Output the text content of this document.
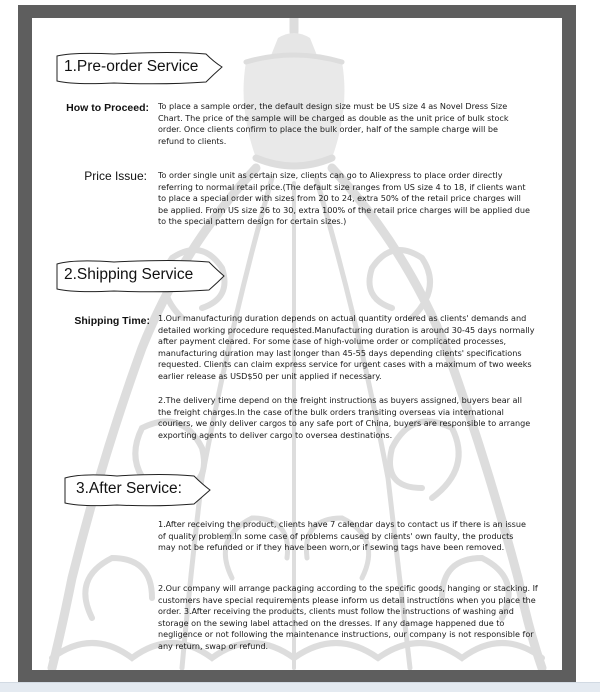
1.Pre-order Service
How to Proceed: To place a sample order, the default design size must be US size 4 as Novel Dress Size Chart. The price of the sample will be charged as double as the unit price of bulk stock order. Once clients confirm to place the bulk order, half of the sample charge will be refund to clients.
Price Issue: To order single unit as certain size, clients can go to Aliexpress to place order directly referring to normal retail price.(The default size ranges from US size 4 to 18, if clients want to place a special order with sizes from 20 to 24, extra 50% of the retail price charges will be applied. From US size 26 to 30, extra 100% of the retail price charges will be applied due to the special pattern design for certain sizes.)
2.Shipping Service
Shipping Time: 1.Our manufacturing duration depends on actual quantity ordered as clients' demands and detailed working procedure requested.Manufacturing duration is around 30-45 days normally after payment cleared. For some case of high-volume order or complicated processes, manufacturing duration may last longer than 45-55 days depending clients' specifications requested. Clients can claim express service for urgent cases with a maximum of two weeks earlier release as USD$50 per unit applied if necessary.
2.The delivery time depend on the freight instructions as buyers assigned, buyers bear all the freight charges.In the case of the bulk orders transiting overseas via international couriers, we only deliver cargos to any safe port of China, buyers are responsible to arrange exporting agents to deliver cargo to oversea destinations.
3.After Service:
1.After receiving the product, clients have 7 calendar days to contact us if there is an issue of quality problem.In some case of problems caused by clients' own faulty, the products may not be refunded or if they have been worn,or if sewing tags have been removed.
2.Our company will arrange packaging according to the specific goods, hanging or stacking. If customers have special requirements please inform us detail instructions when you place the order. 3.After receiving the products, clients must follow the instructions of washing and storage on the sewing label attached on the dresses. If any damage happened due to negligence or not following the maintenance instructions, our company is not responsible for any return, swap or refund.
